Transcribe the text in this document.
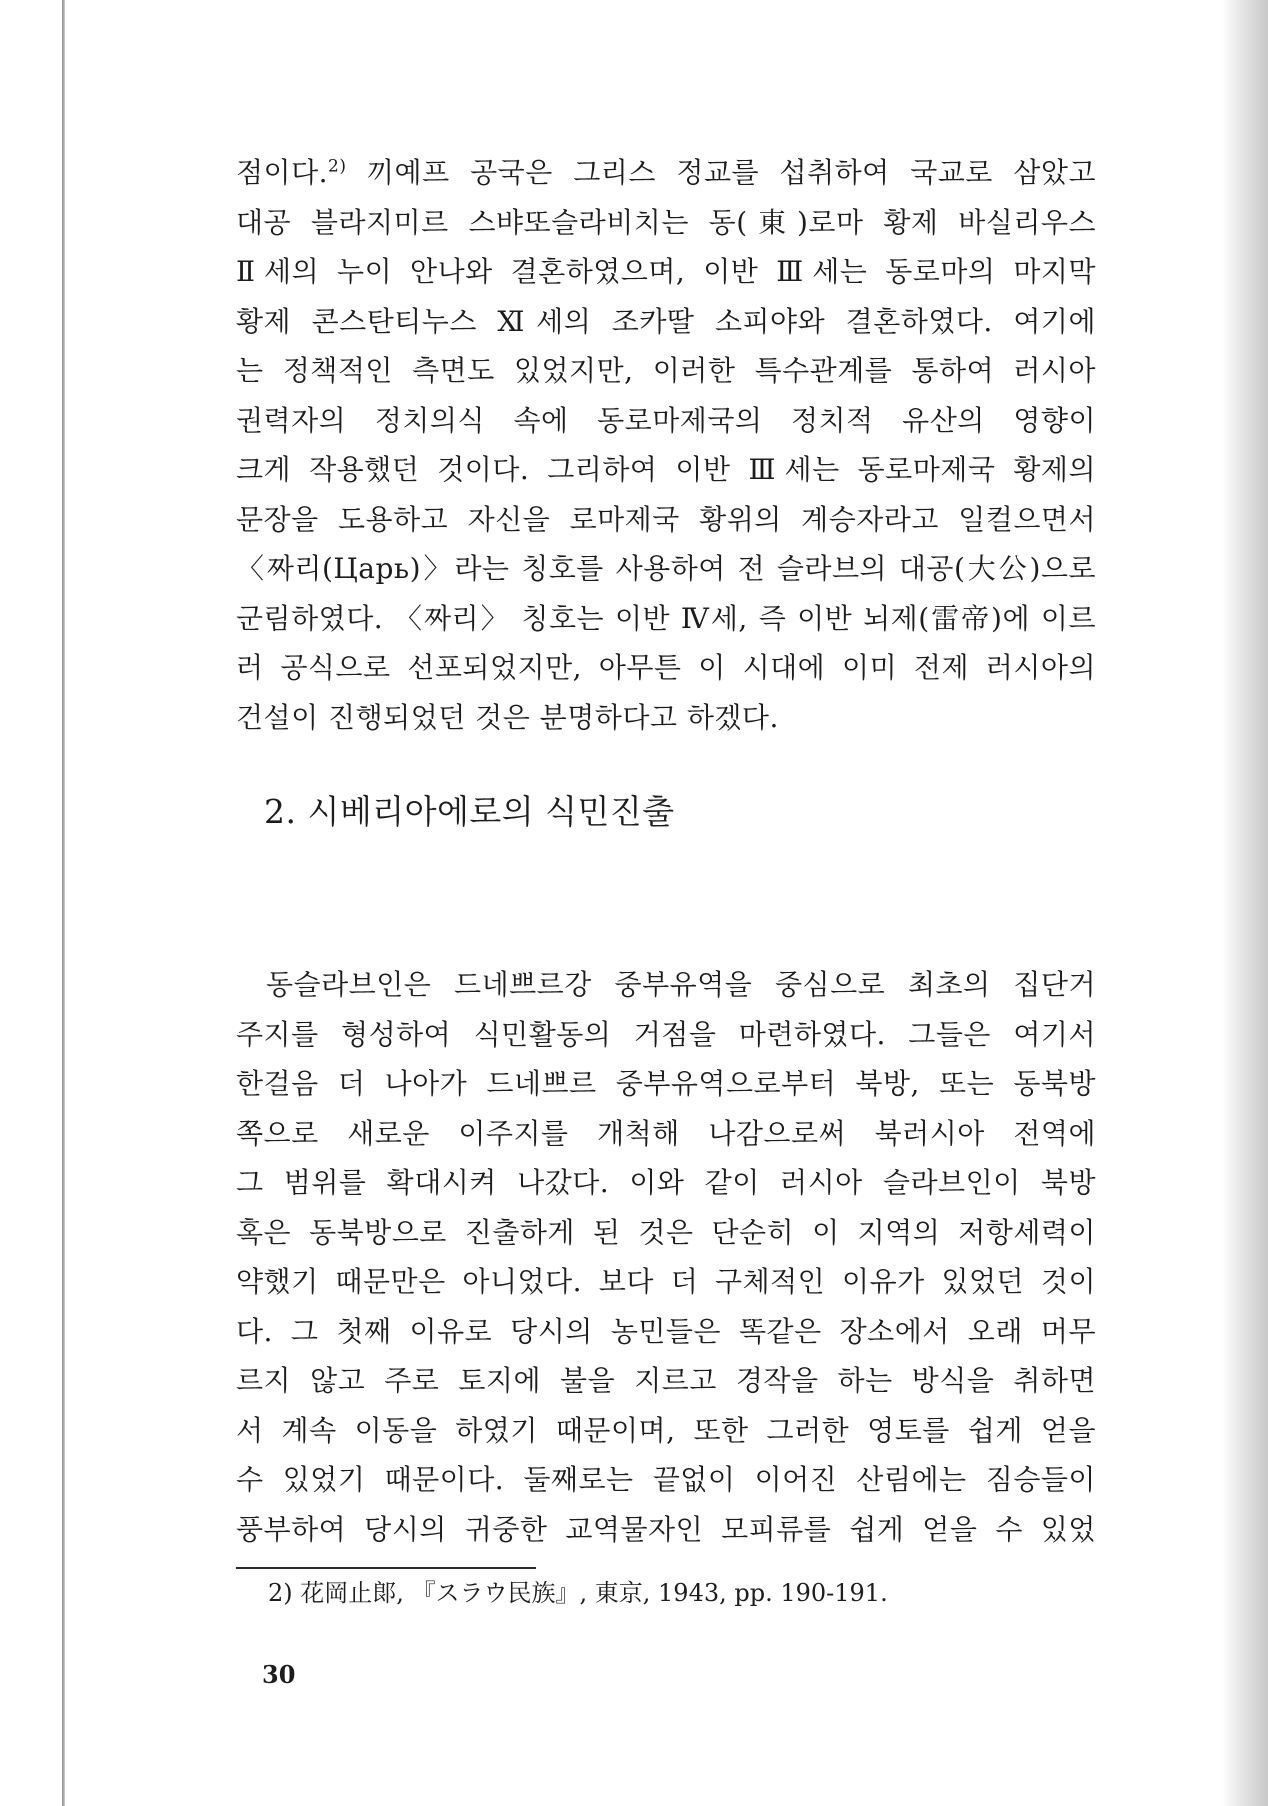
점이다.$^{2)}$ 끼예프 공국은 그리스 정교를 섭취하여 국교로 삼았고
대공 블라지미르 스뱌또슬라비치는 동(東)로마 황제 바실리우스
Ⅱ세의 누이 안나와 결혼하였으며, 이반 Ⅲ세는 동로마의 마지막
황제 콘스탄티누스 Ⅺ세의 조카딸 소피야와 결혼하였다. 여기에
는 정책적인 측면도 있었지만, 이러한 특수관계를 통하여 러시아
권력자의 정치의식 속에 동로마제국의 정치적 유산의 영향이
크게 작용했던 것이다. 그리하여 이반 Ⅲ세는 동로마제국 황제의
문장을 도용하고 자신을 로마제국 황위의 계승자라고 일컬으면서
〈짜리(Царь)〉라는 칭호를 사용하여 전 슬라브의 대공(大公)으로
군림하였다. 〈짜리〉 칭호는 이반 Ⅳ세, 즉 이반 뇌제(雷帝)에 이르
러 공식으로 선포되었지만, 아무튼 이 시대에 이미 전제 러시아의
건설이 진행되었던 것은 분명하다고 하겠다.
2. 시베리아에로의 식민진출
동슬라브인은 드네쁘르강 중부유역을 중심으로 최초의 집단거
주지를 형성하여 식민활동의 거점을 마련하였다. 그들은 여기서
한걸음 더 나아가 드네쁘르 중부유역으로부터 북방, 또는 동북방
쪽으로 새로운 이주지를 개척해 나감으로써 북러시아 전역에
그 범위를 확대시켜 나갔다. 이와 같이 러시아 슬라브인이 북방
혹은 동북방으로 진출하게 된 것은 단순히 이 지역의 저항세력이
약했기 때문만은 아니었다. 보다 더 구체적인 이유가 있었던 것이
다. 그 첫째 이유로 당시의 농민들은 똑같은 장소에서 오래 머무
르지 않고 주로 토지에 불을 지르고 경작을 하는 방식을 취하면
서 계속 이동을 하였기 때문이며, 또한 그러한 영토를 쉽게 얻을
수 있었기 때문이다. 둘째로는 끝없이 이어진 산림에는 짐승들이
풍부하여 당시의 귀중한 교역물자인 모피류를 쉽게 얻을 수 있었

2) 花岡止郞, 『スラウ民族』, 東京, 1943, pp. 190-191.

30
